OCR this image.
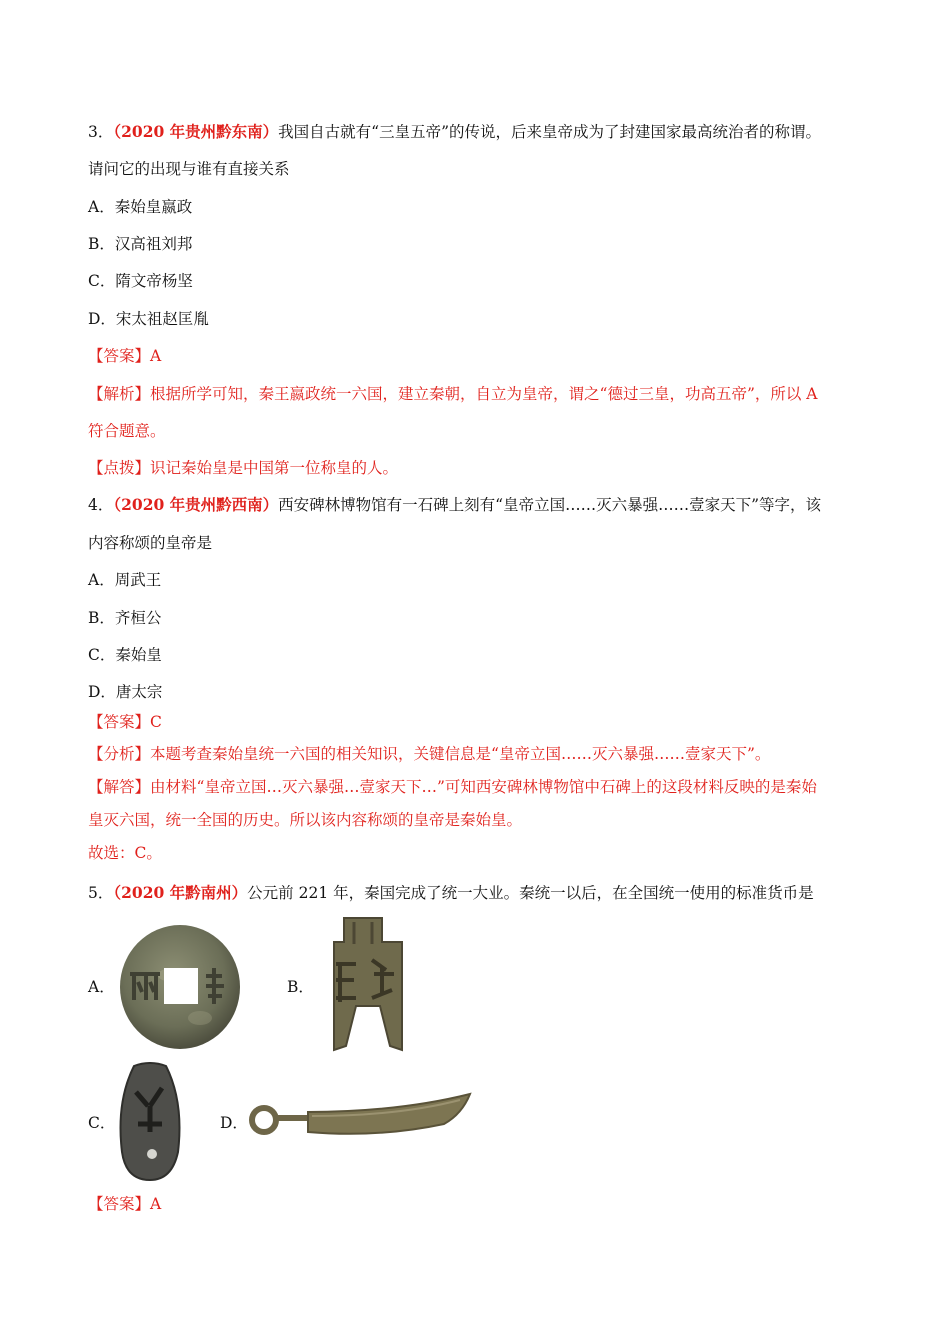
3．（2020 年贵州黔东南）我国自古就有“三皇五帝”的传说，后来皇帝成为了封建国家最高统治者的称谓。
请问它的出现与谁有直接关系
A．秦始皇嬴政
B．汉高祖刘邦
C．隋文帝杨坚
D．宋太祖赵匡胤
【答案】A
【解析】根据所学可知，秦王嬴政统一六国，建立秦朝，自立为皇帝，谓之“德过三皇，功高五帝”，所以 A
符合题意。
【点拨】识记秦始皇是中国第一位称皇的人。
4．（2020 年贵州黔西南）西安碑林博物馆有一石碑上刻有“皇帝立国……灭六暴强……壹家天下”等字，该
内容称颂的皇帝是
A．周武王
B．齐桓公
C．秦始皇
D．唐太宗
【答案】C
【分析】本题考查秦始皇统一六国的相关知识，关键信息是“皇帝立国……灭六暴强……壹家天下”。
【解答】由材料“皇帝立国…灭六暴强…壹家天下…”可知西安碑林博物馆中石碑上的这段材料反映的是秦始
皇灭六国，统一全国的历史。所以该内容称颂的皇帝是秦始皇。
故选：C。
5．（2020 年黔南州）公元前 221 年，秦国完成了统一大业。秦统一以后，在全国统一使用的标准货币是
A．	B．
C．	D．
【答案】A
